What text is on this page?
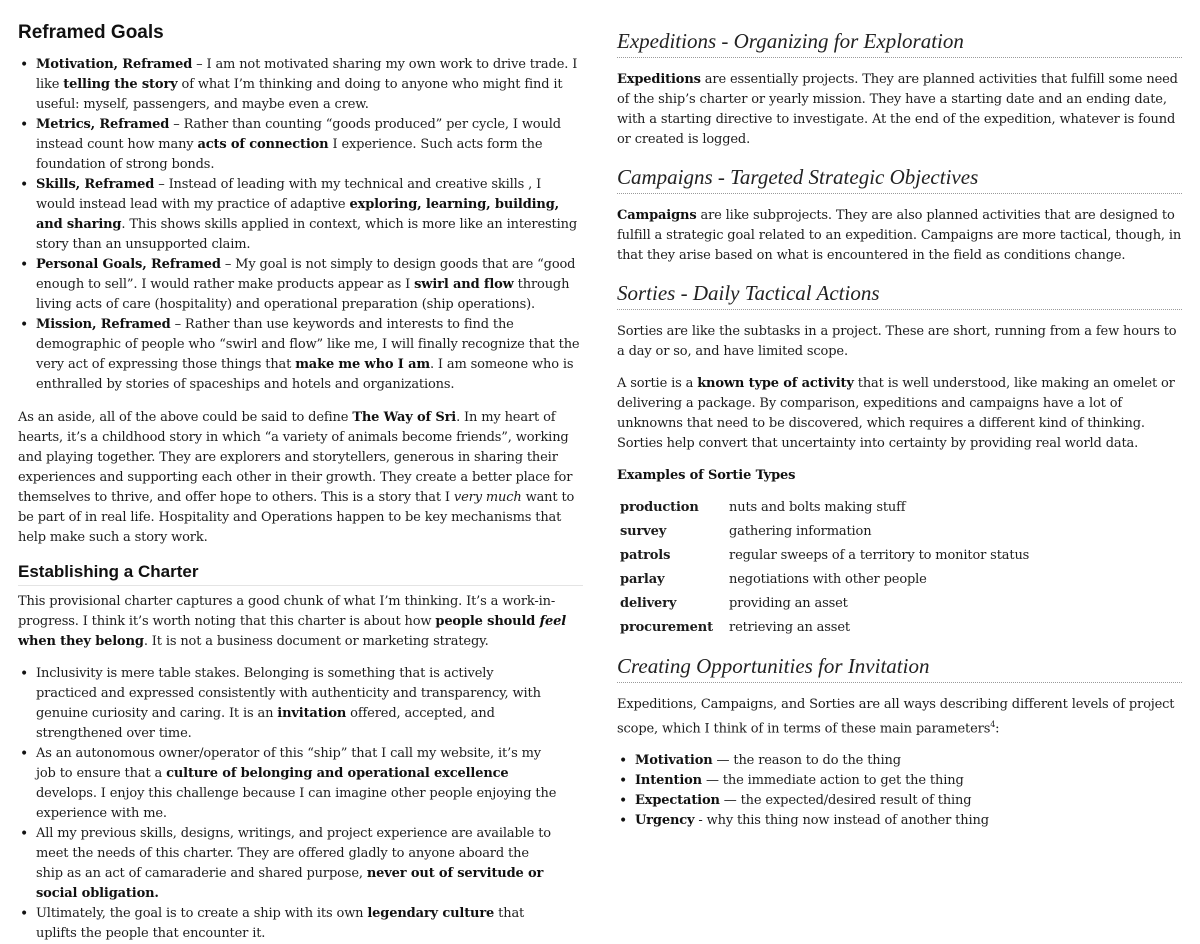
Reframed Goals
• Motivation, Reframed – I am not motivated sharing my own work to drive trade. I like telling the story of what I’m thinking and doing to anyone who might find it useful: myself, passengers, and maybe even a crew.
• Metrics, Reframed – Rather than counting “goods produced” per cycle, I would instead count how many acts of connection I experience. Such acts form the foundation of strong bonds.
• Skills, Reframed – Instead of leading with my technical and creative skills , I would instead lead with my practice of adaptive exploring, learning, building, and sharing. This shows skills applied in context, which is more like an interesting story than an unsupported claim.
• Personal Goals, Reframed – My goal is not simply to design goods that are “good enough to sell”. I would rather make products appear as I swirl and flow through living acts of care (hospitality) and operational preparation (ship operations).
• Mission, Reframed – Rather than use keywords and interests to find the demographic of people who “swirl and flow” like me, I will finally recognize that the very act of expressing those things that make me who I am. I am someone who is enthralled by stories of spaceships and hotels and organizations.

As an aside, all of the above could be said to define The Way of Sri. In my heart of hearts, it’s a childhood story in which “a variety of animals become friends”, working and playing together. They are explorers and storytellers, generous in sharing their experiences and supporting each other in their growth. They create a better place for themselves to thrive, and offer hope to others. This is a story that I very much want to be part of in real life. Hospitality and Operations happen to be key mechanisms that help make such a story work.

Establishing a Charter

This provisional charter captures a good chunk of what I’m thinking. It’s a work-in-progress. I think it’s worth noting that this charter is about how people should feel when they belong. It is not a business document or marketing strategy.

• Inclusivity is mere table stakes. Belonging is something that is actively practiced and expressed consistently with authenticity and transparency, with genuine curiosity and caring. It is an invitation offered, accepted, and strengthened over time.
• As an autonomous owner/operator of this “ship” that I call my website, it’s my job to ensure that a culture of belonging and operational excellence develops. I enjoy this challenge because I can imagine other people enjoying the experience with me.
• All my previous skills, designs, writings, and project experience are available to meet the needs of this charter. They are offered gladly to anyone aboard the ship as an act of camaraderie and shared purpose, never out of servitude or social obligation.
• Ultimately, the goal is to create a ship with its own legendary culture that uplifts the people that encounter it.
Expeditions - Organizing for Exploration

Expeditions are essentially projects. They are planned activities that fulfill some need of the ship’s charter or yearly mission. They have a starting date and an ending date, with a starting directive to investigate. At the end of the expedition, whatever is found or created is logged.

Campaigns - Targeted Strategic Objectives

Campaigns are like subprojects. They are also planned activities that are designed to fulfill a strategic goal related to an expedition. Campaigns are more tactical, though, in that they arise based on what is encountered in the field as conditions change.

Sorties - Daily Tactical Actions

Sorties are like the subtasks in a project. These are short, running from a few hours to a day or so, and have limited scope.

A sortie is a known type of activity that is well understood, like making an omelet or delivering a package. By comparison, expeditions and campaigns have a lot of unknowns that need to be discovered, which requires a different kind of thinking. Sorties help convert that uncertainty into certainty by providing real world data.

Examples of Sortie Types

production	nuts and bolts making stuff
survey	gathering information
patrols	regular sweeps of a territory to monitor status
parlay	negotiations with other people
delivery	providing an asset
procurement	retrieving an asset
Creating Opportunities for Invitation

Expeditions, Campaigns, and Sorties are all ways describing different levels of project scope, which I think of in terms of these main parameters$^4$:

• Motivation — the reason to do the thing
• Intention — the immediate action to get the thing
• Expectation — the expected/desired result of thing
• Urgency - why this thing now instead of another thing
